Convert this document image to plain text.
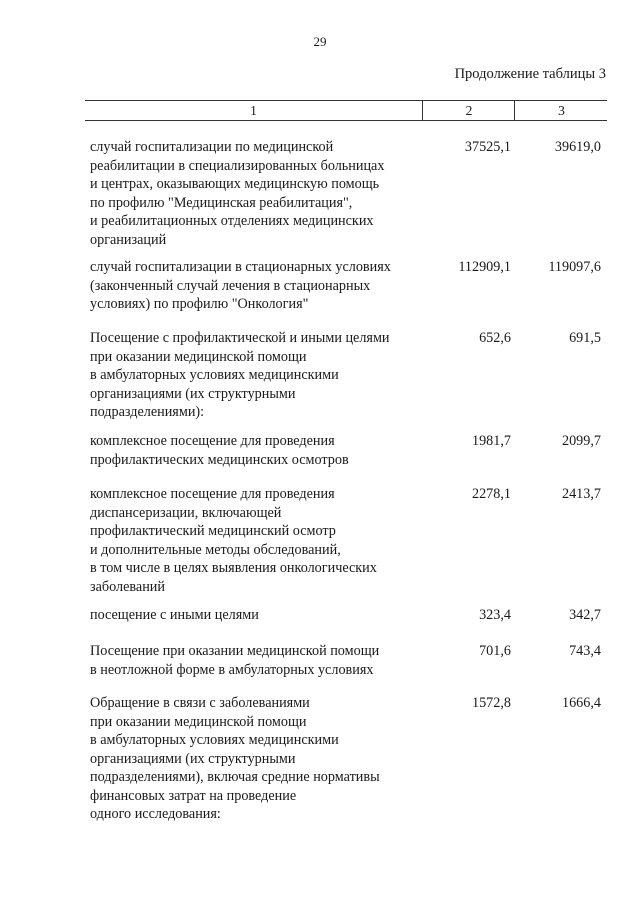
29
Продолжение таблицы 3
1	2	3
случай госпитализации по медицинской
реабилитации в специализированных больницах
и центрах, оказывающих медицинскую помощь
по профилю "Медицинская реабилитация",
и реабилитационных отделениях медицинских
организаций
37525,1	39619,0
случай госпитализации в стационарных условиях
(законченный случай лечения в стационарных
условиях) по профилю "Онкология"
112909,1	119097,6
Посещение с профилактической и иными целями
при оказании медицинской помощи
в амбулаторных условиях медицинскими
организациями (их структурными
подразделениями):
652,6	691,5
комплексное посещение для проведения
профилактических медицинских осмотров
1981,7	2099,7
комплексное посещение для проведения
диспансеризации, включающей
профилактический медицинский осмотр
и дополнительные методы обследований,
в том числе в целях выявления онкологических
заболеваний
2278,1	2413,7
посещение с иными целями	323,4	342,7
Посещение при оказании медицинской помощи
в неотложной форме в амбулаторных условиях
701,6	743,4
Обращение в связи с заболеваниями
при оказании медицинской помощи
в амбулаторных условиях медицинскими
организациями (их структурными
подразделениями), включая средние нормативы
финансовых затрат на проведение
одного исследования:
1572,8	1666,4
